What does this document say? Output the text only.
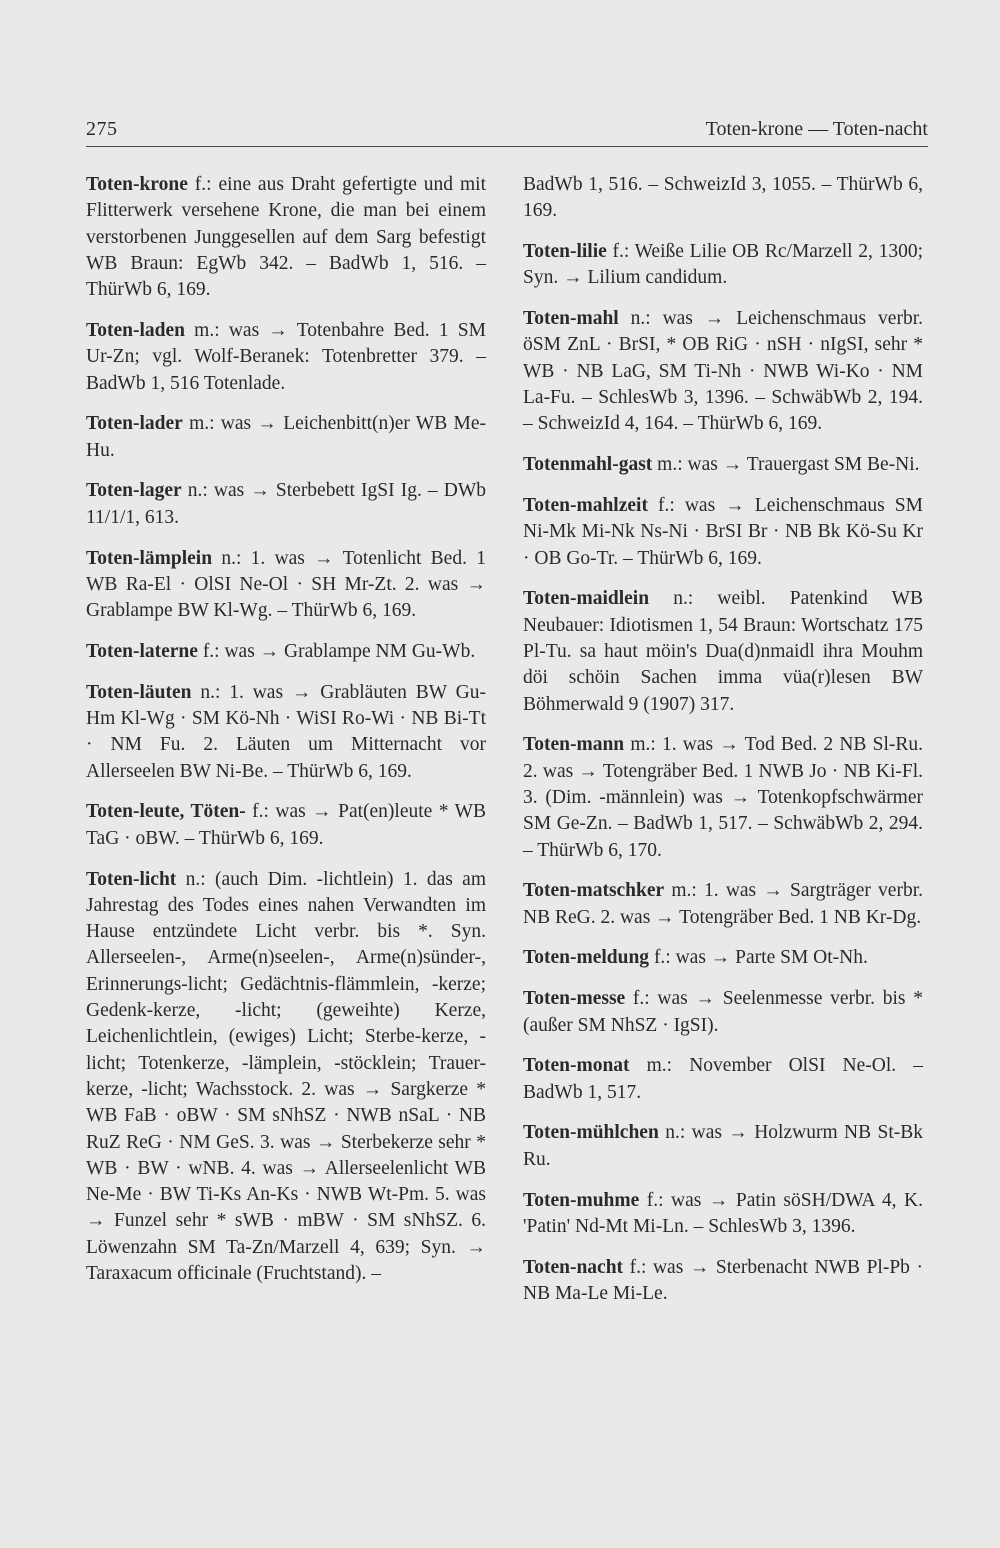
275	Toten-krone — Toten-nacht

Toten-krone f.: eine aus Draht gefertigte und mit Flitterwerk versehene Krone, die man bei einem verstorbenen Junggesellen auf dem Sarg befestigt WB Braun: EgWb 342. – BadWb 1, 516. – ThürWb 6, 169.

Toten-laden m.: was → Totenbahre Bed. 1 SM Ur-Zn; vgl. Wolf-Beranek: Totenbretter 379. – BadWb 1, 516 Totenlade.

Toten-lader m.: was → Leichenbitt(n)er WB Me-Hu.

Toten-lager n.: was → Sterbebett IgSI Ig. – DWb 11/1/1, 613.

Toten-lämplein n.: 1. was → Totenlicht Bed. 1 WB Ra-El · OlSI Ne-Ol · SH Mr-Zt. 2. was → Grablampe BW Kl-Wg. – ThürWb 6, 169.

Toten-laterne f.: was → Grablampe NM Gu-Wb.

Toten-läuten n.: 1. was → Grabläuten BW Gu-Hm Kl-Wg · SM Kö-Nh · WiSI Ro-Wi · NB Bi-Tt · NM Fu. 2. Läuten um Mitternacht vor Allerseelen BW Ni-Be. – ThürWb 6, 169.

Toten-leute, Töten- f.: was → Pat(en)leute * WB TaG · oBW. – ThürWb 6, 169.

Toten-licht n.: (auch Dim. -lichtlein) 1. das am Jahrestag des Todes eines nahen Verwandten im Hause entzündete Licht verbr. bis *. Syn. Allerseelen-, Arme(n)seelen-, Arme(n)sünder-, Erinnerungs-licht; Gedächtnis-flämmlein, -kerze; Gedenk-kerze, -licht; (geweihte) Kerze, Leichenlichtlein, (ewiges) Licht; Sterbe-kerze, -licht; Totenkerze, -lämplein, -stöcklein; Trauer-kerze, -licht; Wachsstock. 2. was → Sargkerze * WB FaB · oBW · SM sNhSZ · NWB nSaL · NB RuZ ReG · NM GeS. 3. was → Sterbekerze sehr * WB · BW · wNB. 4. was → Allerseelenlicht WB Ne-Me · BW Ti-Ks An-Ks · NWB Wt-Pm. 5. was → Funzel sehr * sWB · mBW · SM sNhSZ. 6. Löwenzahn SM Ta-Zn/Marzell 4, 639; Syn. → Taraxacum officinale (Fruchtstand). –

BadWb 1, 516. – SchweizId 3, 1055. – ThürWb 6, 169.

Toten-lilie f.: Weiße Lilie OB Rc/Marzell 2, 1300; Syn. → Lilium candidum.

Toten-mahl n.: was → Leichenschmaus verbr. öSM ZnL · BrSI, * OB RiG · nSH · nIgSI, sehr * WB · NB LaG, SM Ti-Nh · NWB Wi-Ko · NM La-Fu. – SchlesWb 3, 1396. – SchwäbWb 2, 194. – SchweizId 4, 164. – ThürWb 6, 169.

Totenmahl-gast m.: was → Trauergast SM Be-Ni.

Toten-mahlzeit f.: was → Leichenschmaus SM Ni-Mk Mi-Nk Ns-Ni · BrSI Br · NB Bk Kö-Su Kr · OB Go-Tr. – ThürWb 6, 169.

Toten-maidlein n.: weibl. Patenkind WB Neubauer: Idiotismen 1, 54 Braun: Wortschatz 175 Pl-Tu. sa haut möin's Dua(d)nmaidl ihra Mouhm döi schöin Sachen imma vüa(r)lesen BW Böhmerwald 9 (1907) 317.

Toten-mann m.: 1. was → Tod Bed. 2 NB Sl-Ru. 2. was → Totengräber Bed. 1 NWB Jo · NB Ki-Fl. 3. (Dim. -männlein) was → Totenkopfschwärmer SM Ge-Zn. – BadWb 1, 517. – SchwäbWb 2, 294. – ThürWb 6, 170.

Toten-matschker m.: 1. was → Sargträger verbr. NB ReG. 2. was → Totengräber Bed. 1 NB Kr-Dg.

Toten-meldung f.: was → Parte SM Ot-Nh.

Toten-messe f.: was → Seelenmesse verbr. bis * (außer SM NhSZ · IgSI).

Toten-monat m.: November OlSI Ne-Ol. – BadWb 1, 517.

Toten-mühlchen n.: was → Holzwurm NB St-Bk Ru.

Toten-muhme f.: was → Patin söSH/DWA 4, K. 'Patin' Nd-Mt Mi-Ln. – SchlesWb 3, 1396.

Toten-nacht f.: was → Sterbenacht NWB Pl-Pb · NB Ma-Le Mi-Le.
